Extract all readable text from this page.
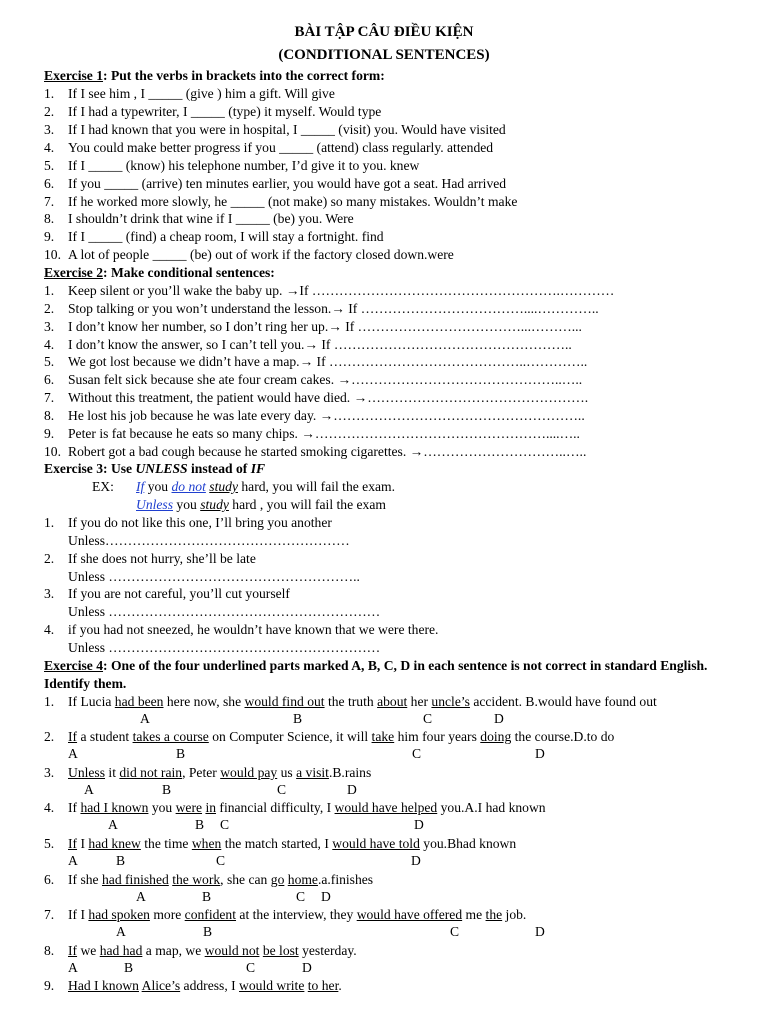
BÀI TẬP CÂU ĐIỀU KIỆN
(CONDITIONAL SENTENCES)
Exercise 1: Put the verbs in brackets into the correct form:
1. If I see him , I _____ (give ) him a gift. Will give
2. If I had a typewriter, I _____ (type) it myself. Would type
3. If I had known that you were in hospital, I _____ (visit) you. Would have visited
4. You could make better progress if you _____ (attend) class regularly. attended
5. If I _____ (know) his telephone number, I’d give it to you. knew
6. If you _____ (arrive) ten minutes earlier, you would have got a seat. Had arrived
7. If he worked more slowly, he _____ (not make) so many mistakes. Wouldn’t make
8. I shouldn’t drink that wine if I _____ (be) you. Were
9. If I _____ (find) a cheap room, I will stay a fortnight. find
10. A lot of people _____ (be) out of work if the factory closed down.were
Exercise 2: Make conditional sentences:
1. Keep silent or you’ll wake the baby up. →If ……………………………………………….…………
2. Stop talking or you won’t understand the lesson.→ If ………………………………....…………..
3. I don’t know her number, so I don’t ring her up.→ If ………………………………...………...
4. I don’t know the answer, so I can’t tell you.→ If ……………………………………………..
5. We got lost because we didn’t have a map.→ If ……………………………………..…………..
6. Susan felt sick because she ate four cream cakes. →………………………………………..…..
7. Without this treatment, the patient would have died. →………………………………………….
8. He lost his job because he was late every day. →………………………………………………..
9. Peter is fat because he eats so many chips. →……………………………………………....…..
10. Robert got a bad cough because he started smoking cigarettes. →…………………………..…..
Exercise 3: Use UNLESS instead of IF
EX: If you do not study hard, you will fail the exam.
Unless you study hard , you will fail the exam
1. If you do not like this one, I’ll bring you another
Unless………………………………………………
2. If she does not hurry, she’ll be late
Unless ………………………………………………..
3. If you are not careful, you’ll cut yourself
Unless ……………………………………………………
4. if you had not sneezed, he wouldn’t have known that we were there.
Unless ……………………………………………………
Exercise 4: One of the four underlined parts marked A, B, C, D in each sentence is not correct in standard English. Identify them.
1. If Lucia had been here now, she would find out the truth about her uncle’s accident. B.would have found out
A	B	C	D
2. If a student takes a course on Computer Science, it will take him four years doing the course.D.to do
A	B	C	D
3. Unless it did not rain, Peter would pay us a visit.B.rains
A	B	C	D
4. If had I known you were in financial difficulty, I would have helped you.A.I had known
A	B C	D
5. If I had knew the time when the match started, I would have told you.Bhad known
A	B	C	D
6. If she had finished the work, she can go home.a.finishes
A	B	C D
7. If I had spoken more confident at the interview, they would have offered me the job.
A	B	C	D
8. If we had had a map, we would not be lost yesterday.
A	B	C	D
9. Had I known Alice’s address, I would write to her.
